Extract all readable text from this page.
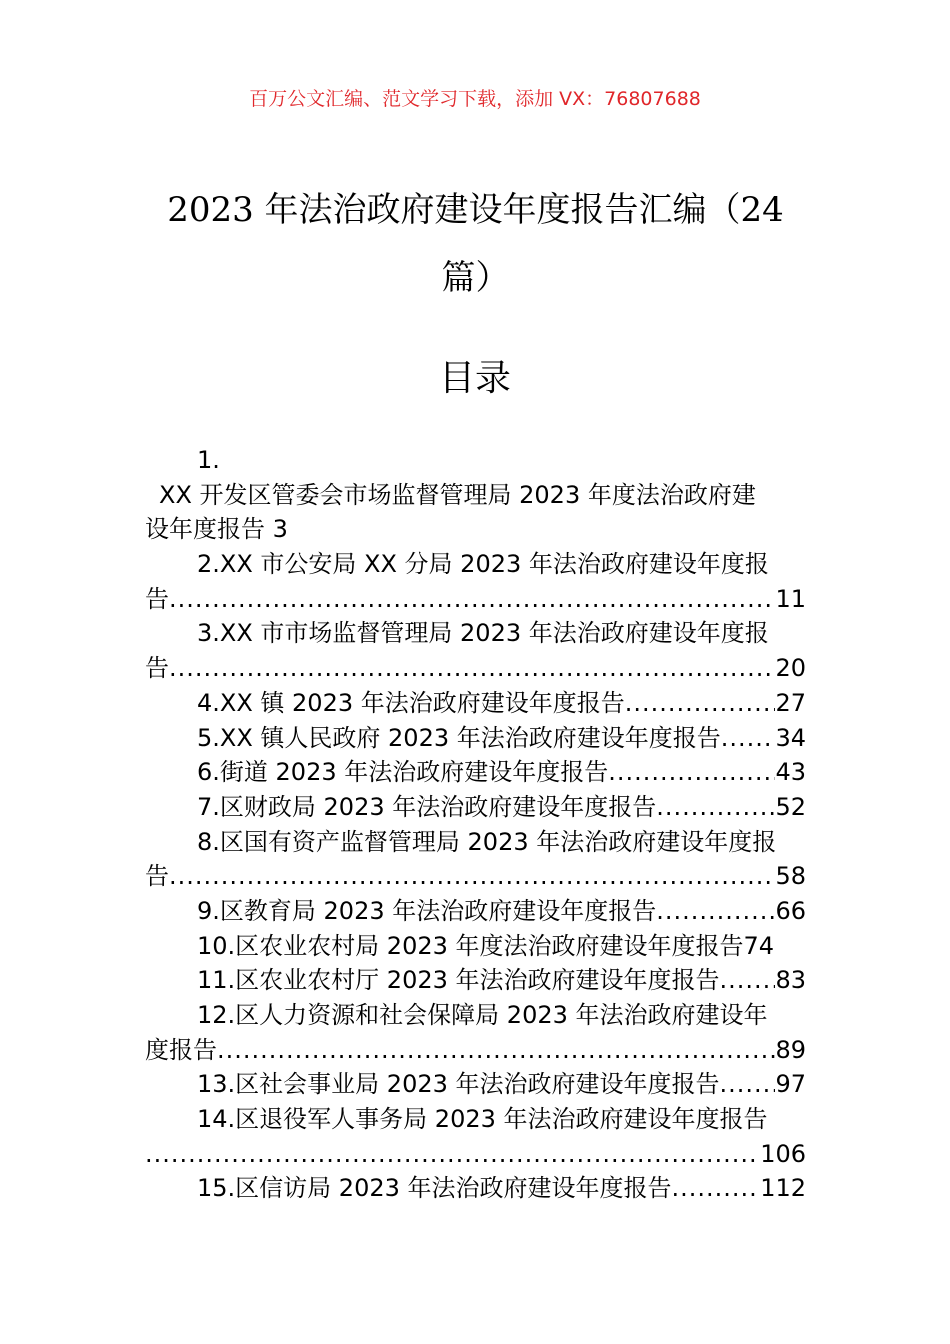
百万公文汇编、范文学习下载，添加 VX：76807688
2023 年法治政府建设年度报告汇编（24
篇）
目录
1.
XX 开发区管委会市场监督管理局 2023 年度法治政府建
设年度报告 3
2.XX 市公安局 XX 分局 2023 年法治政府建设年度报
告 .....	11
3.XX 市市场监督管理局 2023 年法治政府建设年度报
告 .....	20
4.XX 镇 2023 年法治政府建设年度报告 .....	27
5.XX 镇人民政府 2023 年法治政府建设年度报告 ..... 34
6.街道 2023 年法治政府建设年度报告 .....	43
7.区财政局 2023 年法治政府建设年度报告 .....	52
8.区国有资产监督管理局 2023 年法治政府建设年度报
告 .....	58
9.区教育局 2023 年法治政府建设年度报告 .....	66
10.区农业农村局 2023 年度法治政府建设年度报告 74
11.区农业农村厅 2023 年法治政府建设年度报告 ..... 83
12.区人力资源和社会保障局 2023 年法治政府建设年
度报告 .....	89
13.区社会事业局 2023 年法治政府建设年度报告 ..... 97
14.区退役军人事务局 2023 年法治政府建设年度报告
.....
106
15.区信访局 2023 年法治政府建设年度报告 .....	112
